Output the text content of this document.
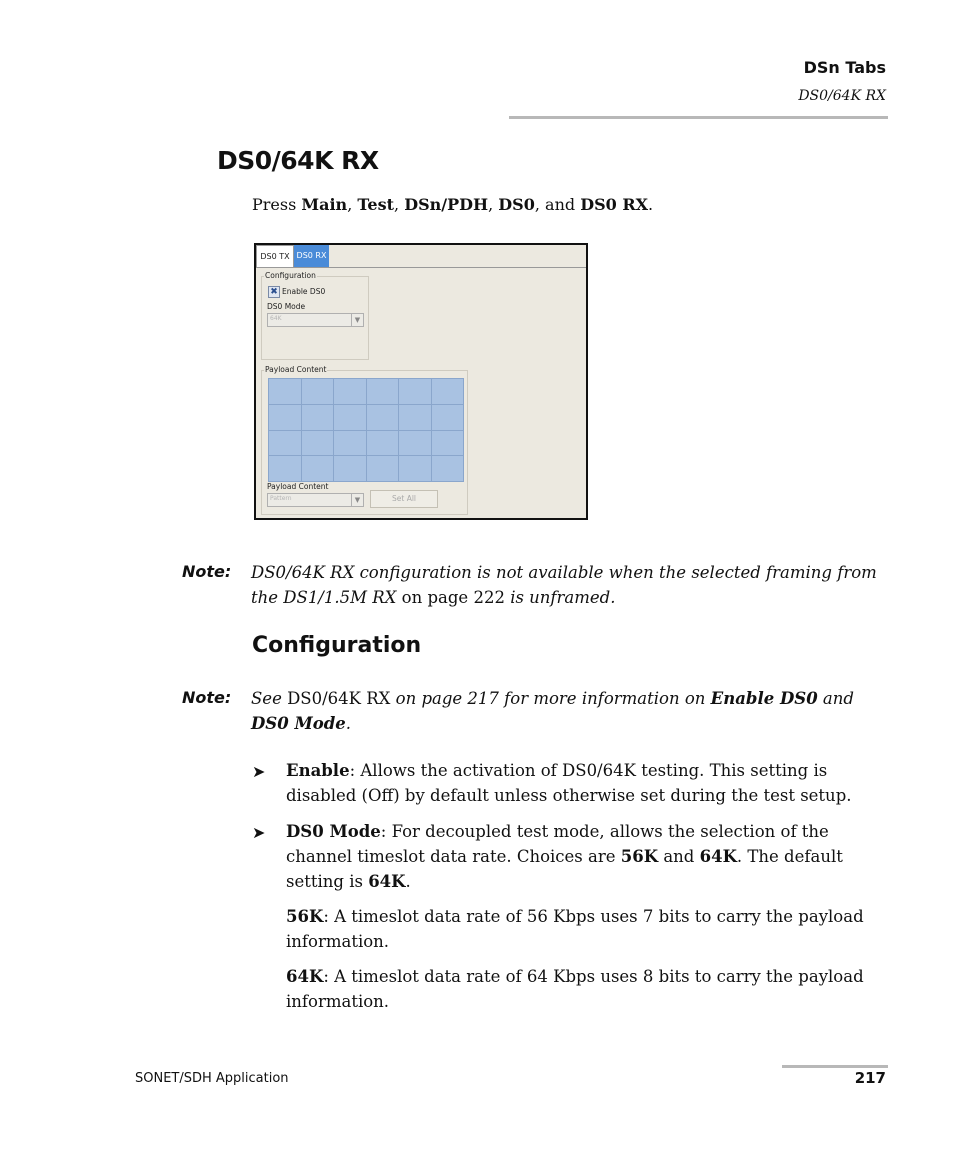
DSn Tabs
DS0/64K RX
DS0/64K RX
Press Main, Test, DSn/PDH, DS0, and DS0 RX.
DS0 TX DS0 RX
Configuration
✖ Enable DS0
DS0 Mode
64K	▼
Payload Content
Payload Content
Pattern	▼	Set All
Note: DS0/64K RX configuration is not available when the selected framing from the DS1/1.5M RX on page 222 is unframed.
Configuration
Note: See DS0/64K RX on page 217 for more information on Enable DS0 and DS0 Mode.
➤ Enable: Allows the activation of DS0/64K testing. This setting is disabled (Off) by default unless otherwise set during the test setup.
➤ DS0 Mode: For decoupled test mode, allows the selection of the channel timeslot data rate. Choices are 56K and 64K. The default setting is 64K.
56K: A timeslot data rate of 56 Kbps uses 7 bits to carry the payload information.
64K: A timeslot data rate of 64 Kbps uses 8 bits to carry the payload information.
SONET/SDH Application	217
